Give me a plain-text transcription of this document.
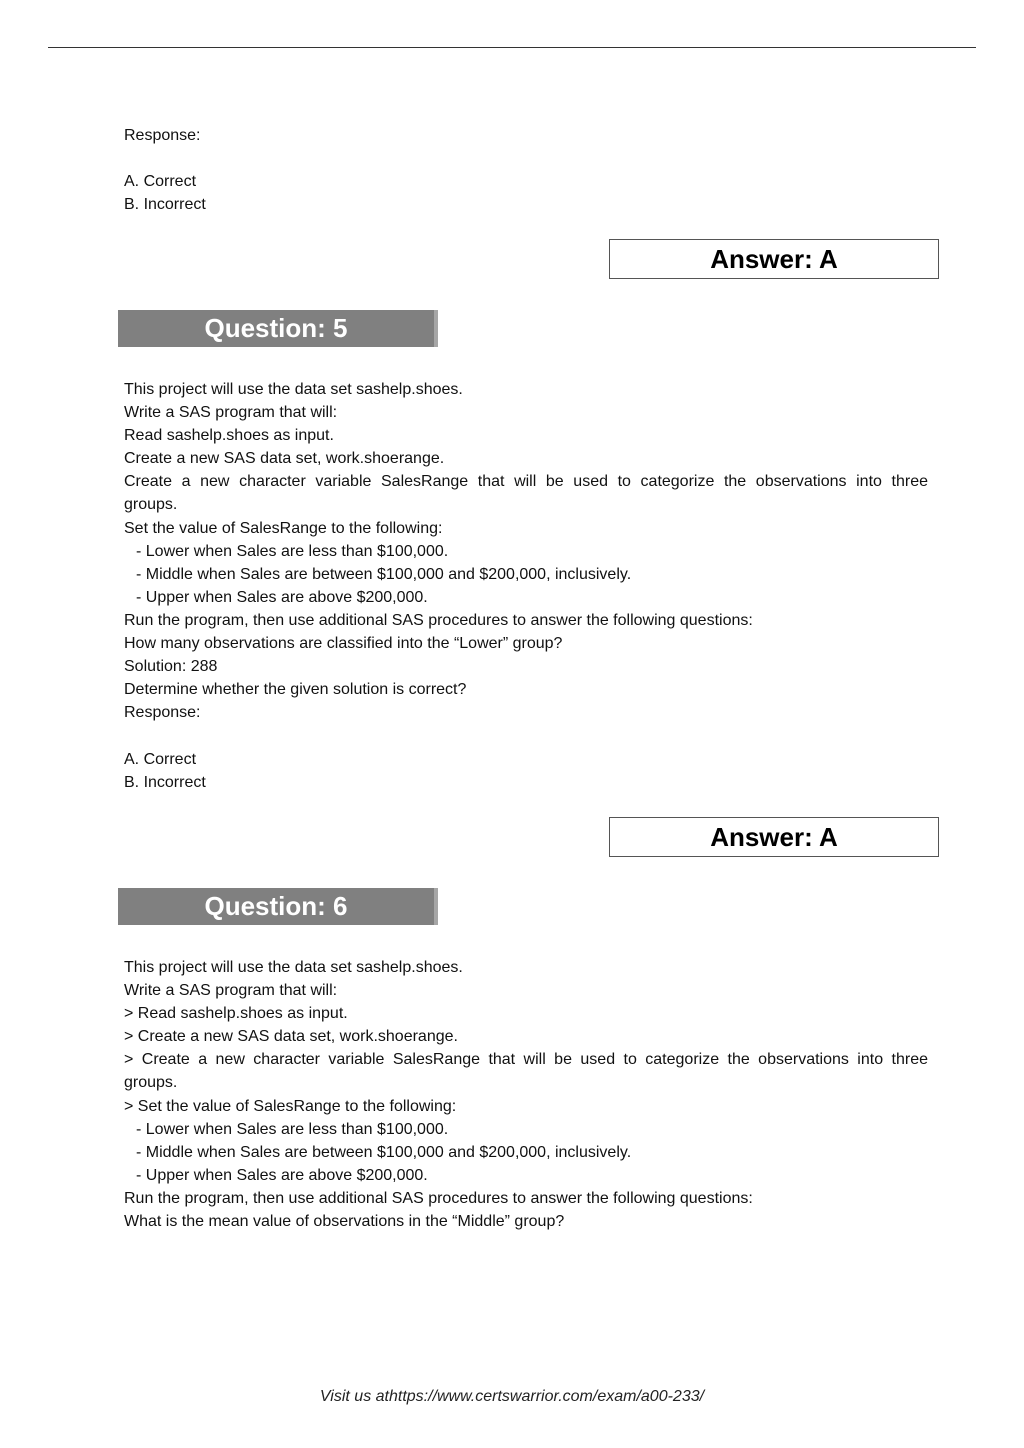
Response:
A. Correct
B. Incorrect
Answer: A
Question: 5
This project will use the data set sashelp.shoes.
Write a SAS program that will:
Read sashelp.shoes as input.
Create a new SAS data set, work.shoerange.
Create a new character variable SalesRange that will be used to categorize the observations into three
groups.
Set the value of SalesRange to the following:
- Lower when Sales are less than $100,000.
- Middle when Sales are between $100,000 and $200,000, inclusively.
- Upper when Sales are above $200,000.
Run the program, then use additional SAS procedures to answer the following questions:
How many observations are classified into the “Lower” group?
Solution: 288
Determine whether the given solution is correct?
Response:
A. Correct
B. Incorrect
Answer: A
Question: 6
This project will use the data set sashelp.shoes.
Write a SAS program that will:
> Read sashelp.shoes as input.
> Create a new SAS data set, work.shoerange.
> Create a new character variable SalesRange that will be used to categorize the observations into three
groups.
> Set the value of SalesRange to the following:
- Lower when Sales are less than $100,000.
- Middle when Sales are between $100,000 and $200,000, inclusively.
- Upper when Sales are above $200,000.
Run the program, then use additional SAS procedures to answer the following questions:
What is the mean value of observations in the “Middle” group?
Visit us athttps://www.certswarrior.com/exam/a00-233/
